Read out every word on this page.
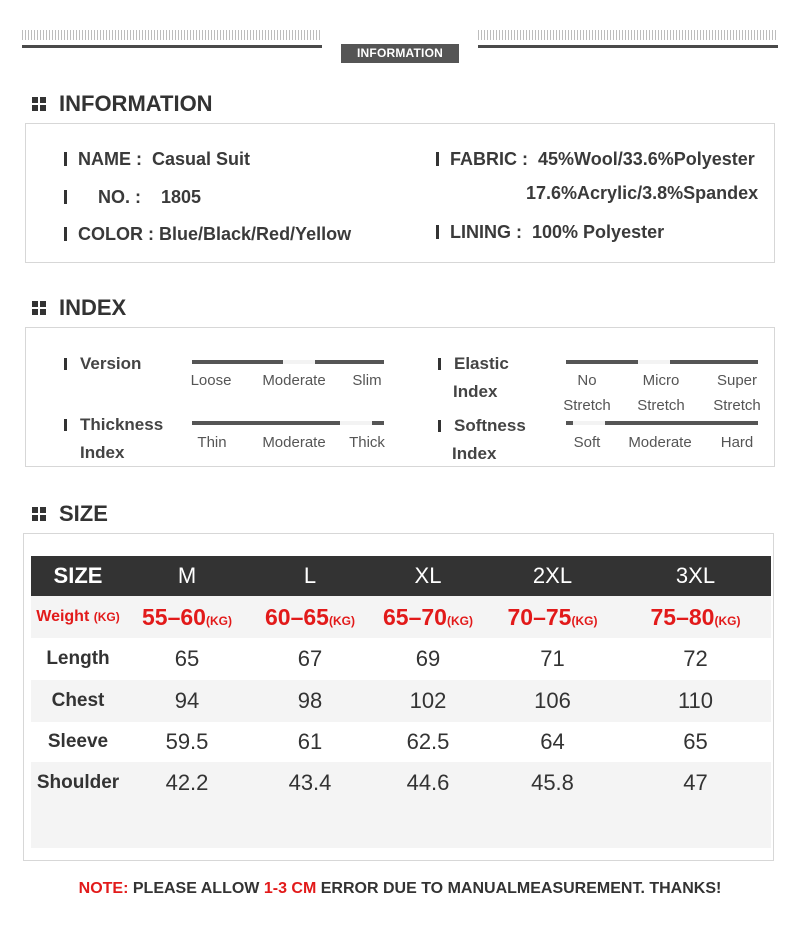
INFORMATION
INFORMATION
NAME : Casual Suit
NO. : 1805
COLOR : Blue/Black/Red/Yellow
FABRIC : 45%Wool/33.6%Polyester
17.6%Acrylic/3.8%Spandex
LINING : 100% Polyester
INDEX
Version
Loose	Moderate	Slim
Thickness
Index
Thin	Moderate	Thick
Elastic
Index
No
Stretch
Micro
Stretch
Super
Stretch
Softness
Index
Soft	Moderate	Hard
SIZE
SIZE	M	L	XL	2XL	3XL
Weight (KG)	55–60(KG)	60–65(KG)	65–70(KG)	70–75(KG)	75–80(KG)
Length	65	67	69	71	72
Chest	94	98	102	106	110
Sleeve	59.5	61	62.5	64	65
Shoulder	42.2	43.4	44.6	45.8	47

NOTE: PLEASE ALLOW 1-3 CM ERROR DUE TO MANUALMEASUREMENT. THANKS!
